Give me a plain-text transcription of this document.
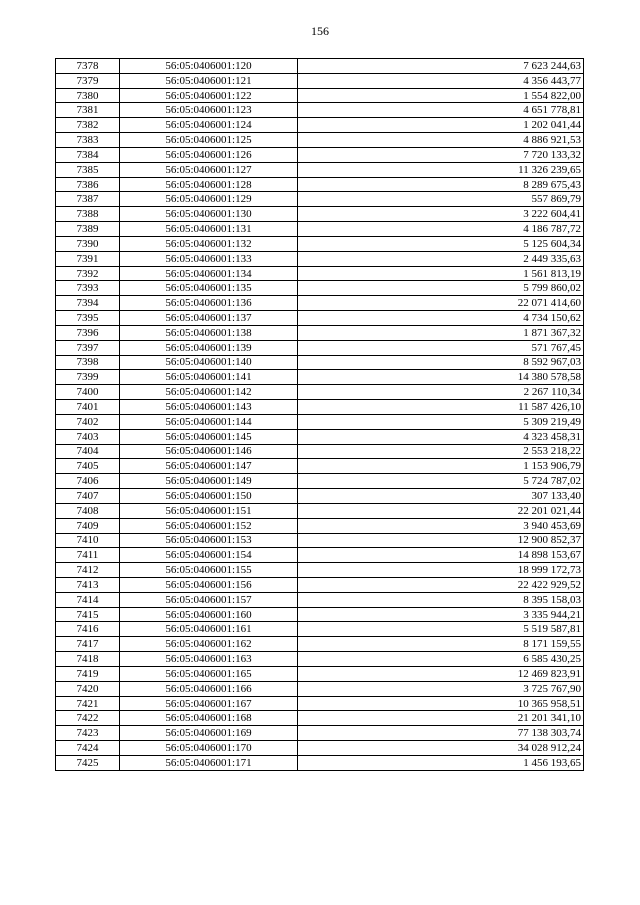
156
7378	56:05:0406001:120	7 623 244,63
7379	56:05:0406001:121	4 356 443,77
7380	56:05:0406001:122	1 554 822,00
7381	56:05:0406001:123	4 651 778,81
7382	56:05:0406001:124	1 202 041,44
7383	56:05:0406001:125	4 886 921,53
7384	56:05:0406001:126	7 720 133,32
7385	56:05:0406001:127	11 326 239,65
7386	56:05:0406001:128	8 289 675,43
7387	56:05:0406001:129	557 869,79
7388	56:05:0406001:130	3 222 604,41
7389	56:05:0406001:131	4 186 787,72
7390	56:05:0406001:132	5 125 604,34
7391	56:05:0406001:133	2 449 335,63
7392	56:05:0406001:134	1 561 813,19
7393	56:05:0406001:135	5 799 860,02
7394	56:05:0406001:136	22 071 414,60
7395	56:05:0406001:137	4 734 150,62
7396	56:05:0406001:138	1 871 367,32
7397	56:05:0406001:139	571 767,45
7398	56:05:0406001:140	8 592 967,03
7399	56:05:0406001:141	14 380 578,58
7400	56:05:0406001:142	2 267 110,34
7401	56:05:0406001:143	11 587 426,10
7402	56:05:0406001:144	5 309 219,49
7403	56:05:0406001:145	4 323 458,31
7404	56:05:0406001:146	2 553 218,22
7405	56:05:0406001:147	1 153 906,79
7406	56:05:0406001:149	5 724 787,02
7407	56:05:0406001:150	307 133,40
7408	56:05:0406001:151	22 201 021,44
7409	56:05:0406001:152	3 940 453,69
7410	56:05:0406001:153	12 900 852,37
7411	56:05:0406001:154	14 898 153,67
7412	56:05:0406001:155	18 999 172,73
7413	56:05:0406001:156	22 422 929,52
7414	56:05:0406001:157	8 395 158,03
7415	56:05:0406001:160	3 335 944,21
7416	56:05:0406001:161	5 519 587,81
7417	56:05:0406001:162	8 171 159,55
7418	56:05:0406001:163	6 585 430,25
7419	56:05:0406001:165	12 469 823,91
7420	56:05:0406001:166	3 725 767,90
7421	56:05:0406001:167	10 365 958,51
7422	56:05:0406001:168	21 201 341,10
7423	56:05:0406001:169	77 138 303,74
7424	56:05:0406001:170	34 028 912,24
7425	56:05:0406001:171	1 456 193,65
